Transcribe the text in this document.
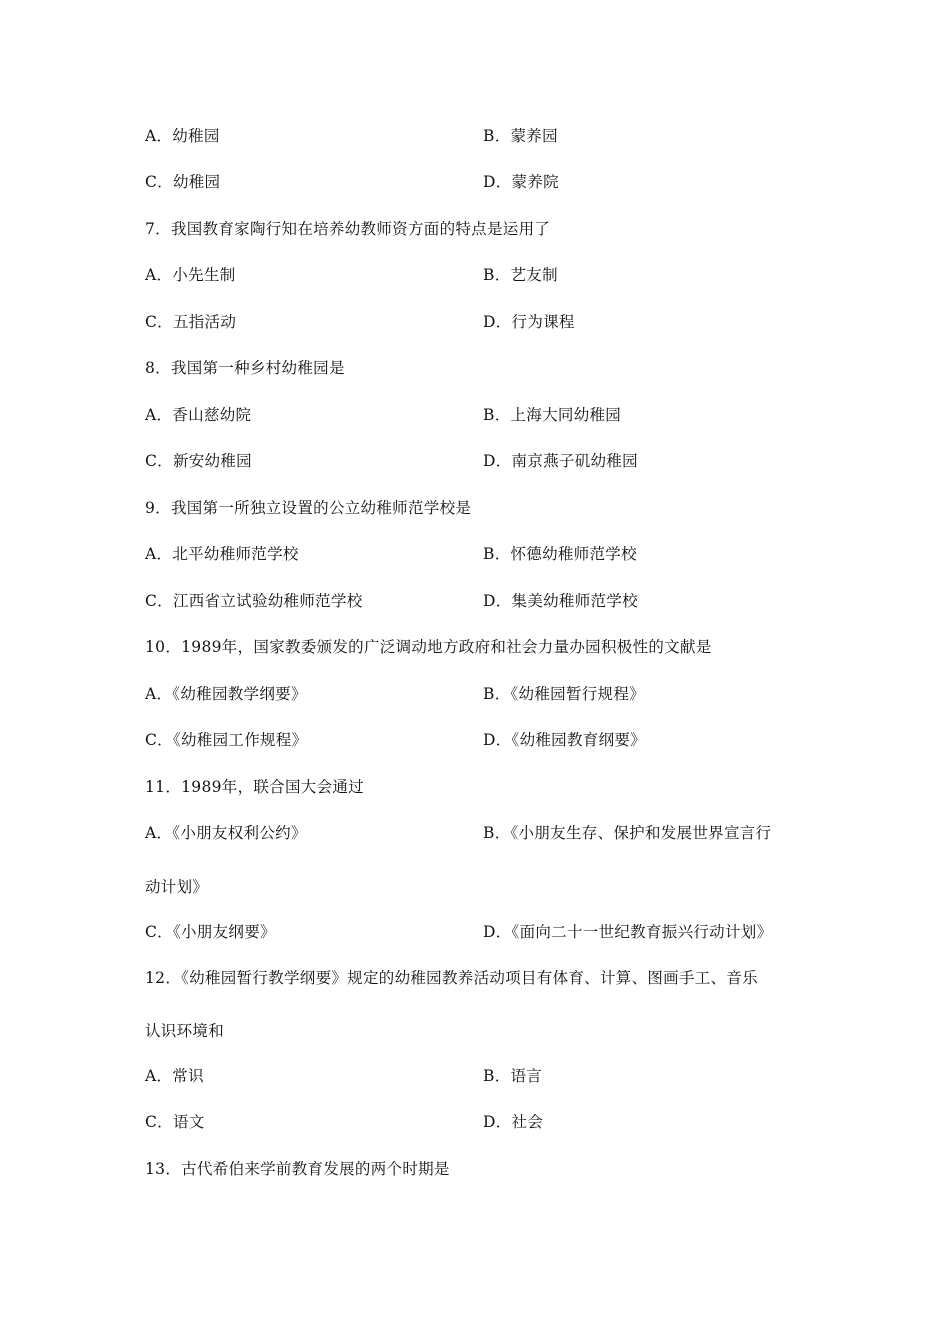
A．幼稚园	B．蒙养园
C．幼稚园	D．蒙养院
7．我国教育家陶行知在培养幼教师资方面的特点是运用了
A．小先生制	B．艺友制
C．五指活动	D．行为课程
8．我国第一种乡村幼稚园是
A．香山慈幼院	B．上海大同幼稚园
C．新安幼稚园	D．南京燕子矶幼稚园
9．我国第一所独立设置的公立幼稚师范学校是
A．北平幼稚师范学校	B．怀德幼稚师范学校
C．江西省立试验幼稚师范学校	D．集美幼稚师范学校
10．1989年，国家教委颁发的广泛调动地方政府和社会力量办园积极性的文献是
A．《幼稚园教学纲要》	B．《幼稚园暂行规程》
C．《幼稚园工作规程》	D．《幼稚园教育纲要》
11．1989年，联合国大会通过
A．《小朋友权利公约》	B．《小朋友生存、保护和发展世界宣言行
动计划》
C．《小朋友纲要》	D．《面向二十一世纪教育振兴行动计划》
12．《幼稚园暂行教学纲要》规定的幼稚园教养活动项目有体育、计算、图画手工、音乐
认识环境和
A．常识	B．语言
C．语文	D．社会
13．古代希伯来学前教育发展的两个时期是
